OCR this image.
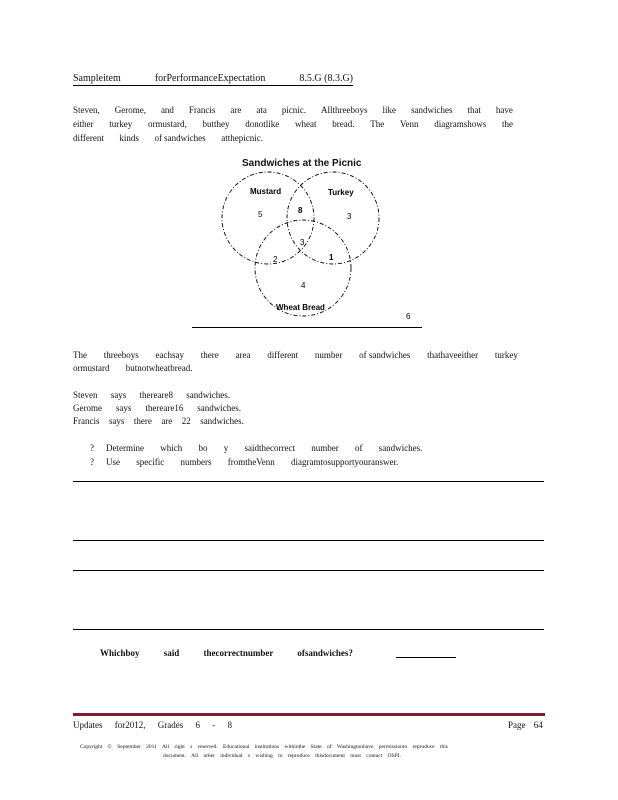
Sampleitem	forPerformanceExpectation	8.5.G (8.3.G)
Steven, Gerome, and Francis are ata picnic. Allthreeboys like sandwiches that have
either turkey ormustard, butthey donotlike wheat bread. The Venn diagramshows the
different kinds of sandwiches atthepicnic.
Sandwiches at the Picnic
Mustard	Turkey
Wheat Bread
5	8
3
3
2	1
4
6
The threeboys eachsay there area different number of sandwiches thathaveeither turkey
ormustard butnotwheatbread.
Steven says thereare8 sandwiches.
Gerome says thereare16 sandwiches.
Francis says there are 22 sandwiches.
? Determine which bo y saidthecorrect number of sandwiches.
? Use specific numbers fromtheVenn diagramtosupportyouranswer.
Whichboy said thecorrectnumber ofsandwiches?
Updates for2012, Grades 6 - 8	Page 64
Copyright © September 2011 All right s reserved. Educational institutions withinthe State of Washingtonhave permissionto reproduce this
document. All other individual s wishing to reproduce thisdocument must contact OSPI.
